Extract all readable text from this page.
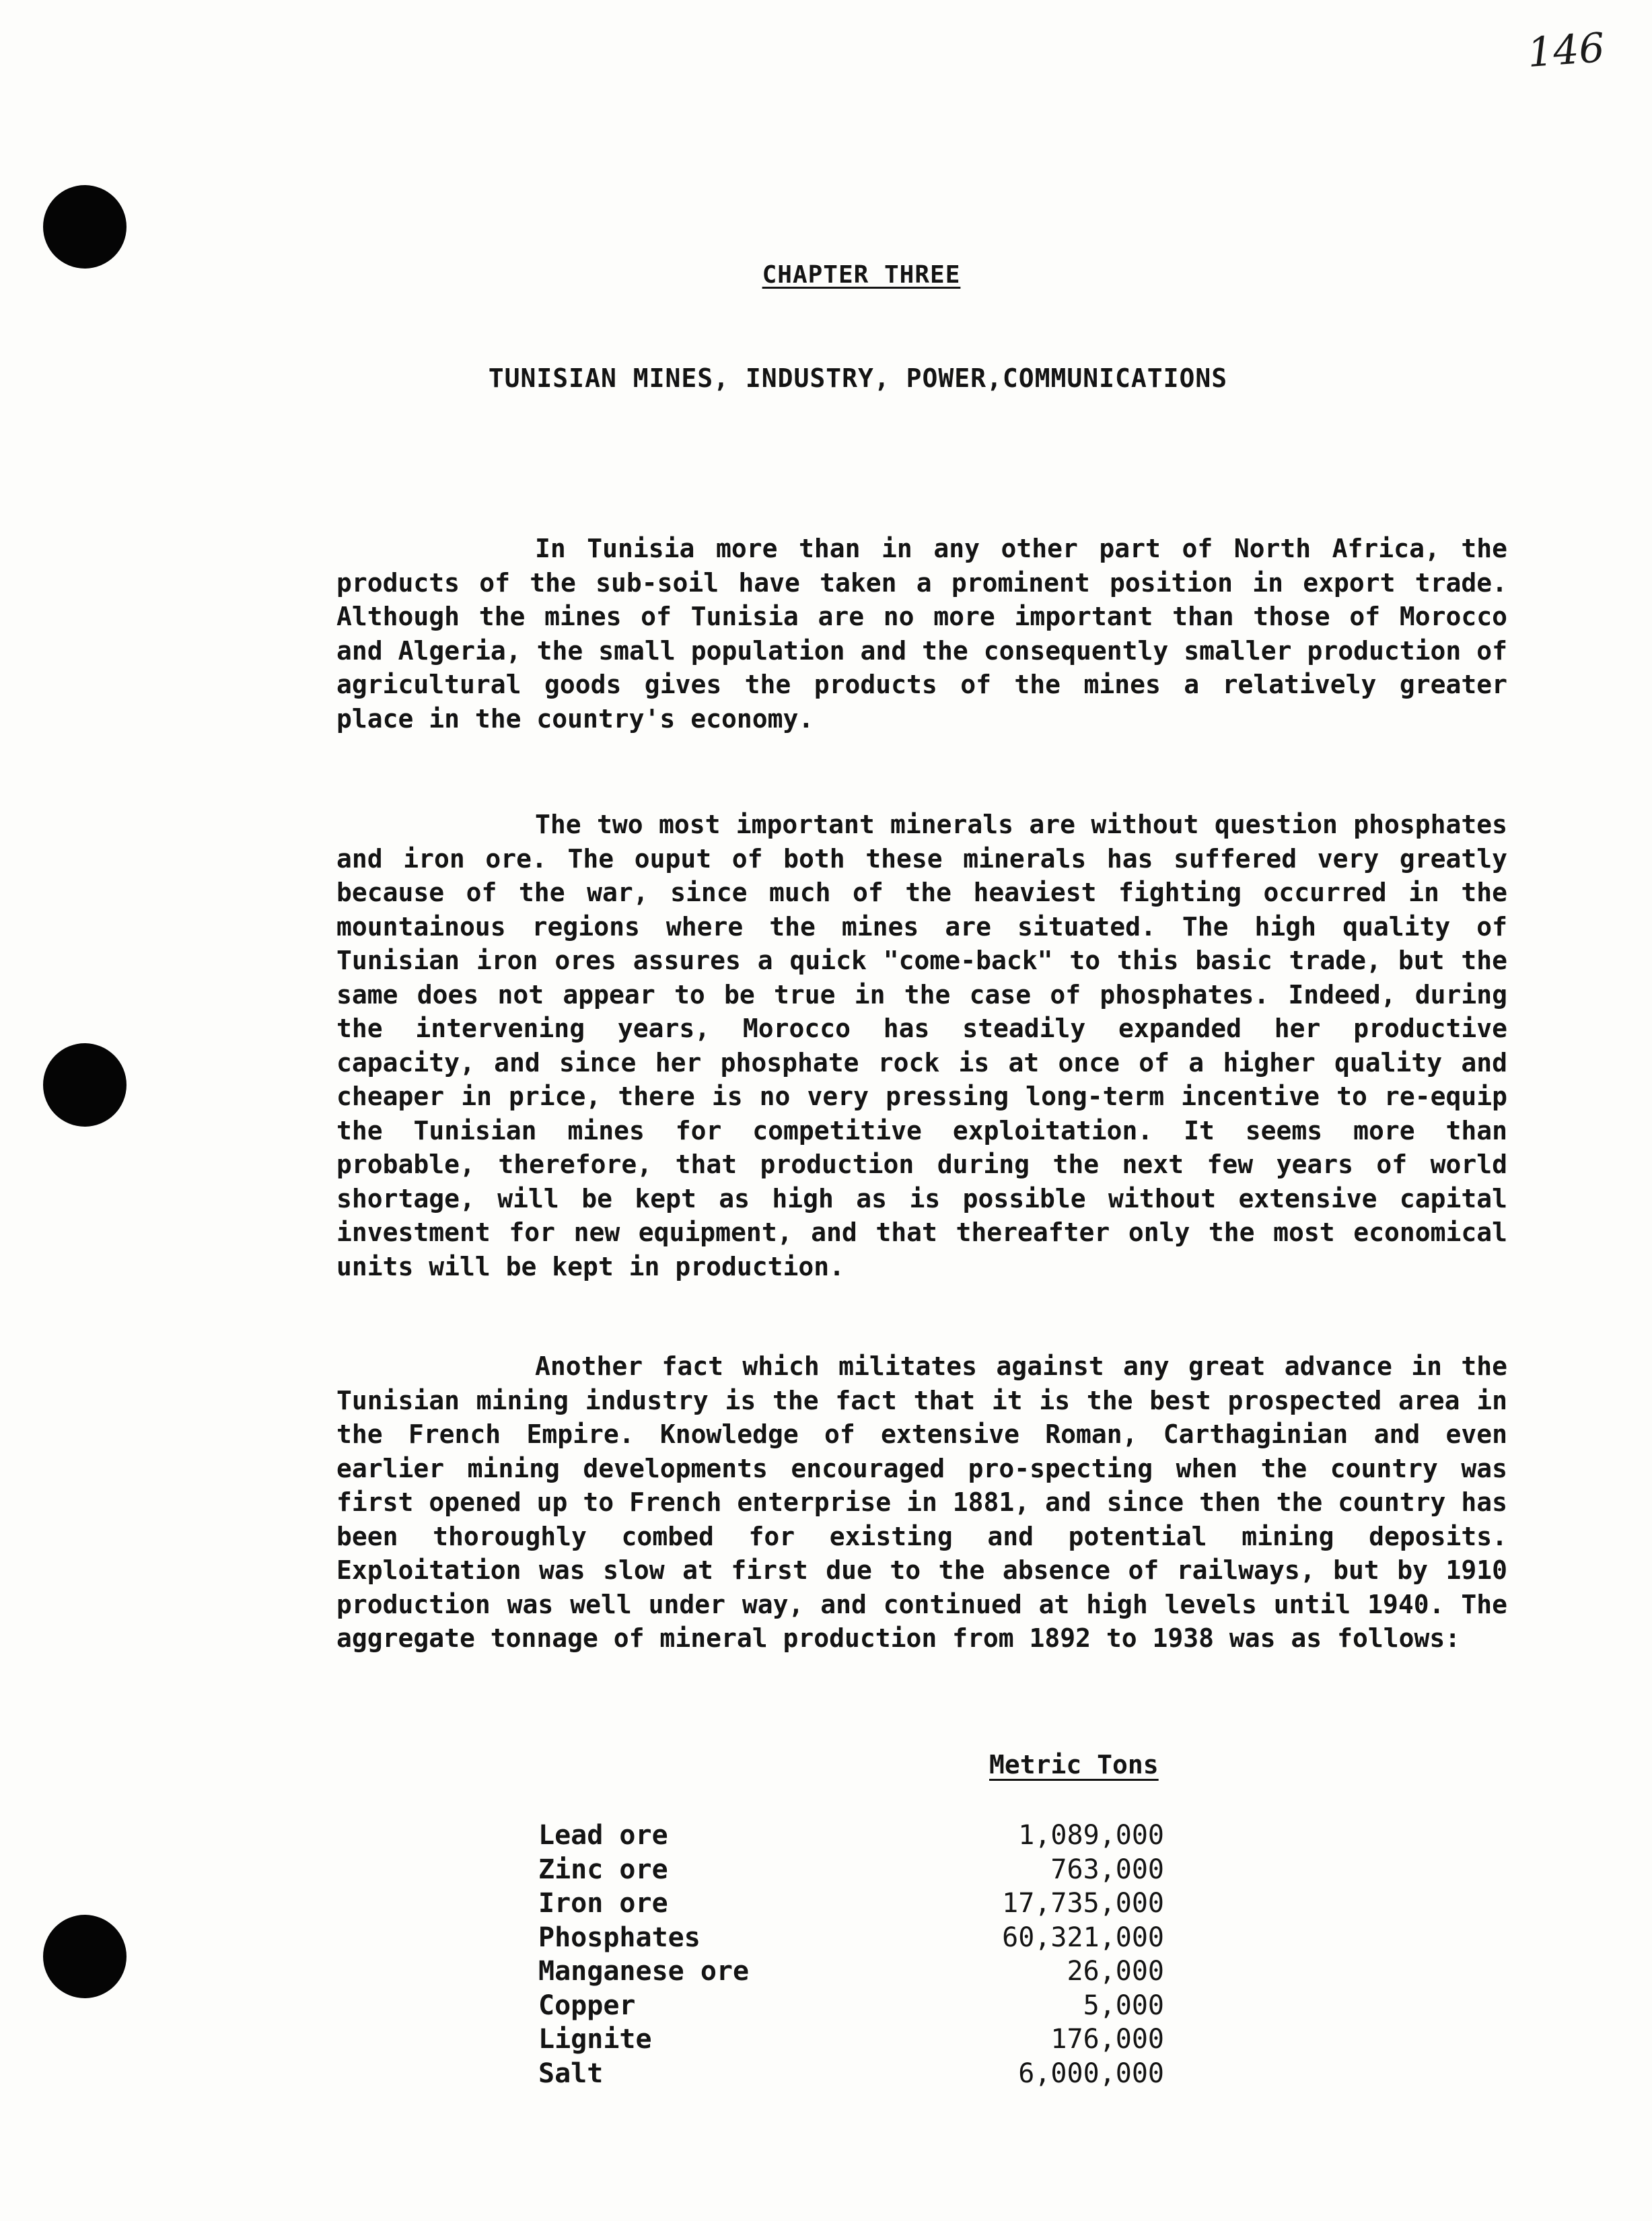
146
CHAPTER THREE
TUNISIAN MINES, INDUSTRY, POWER,COMMUNICATIONS

In Tunisia more than in any other part of North Africa, the products of the sub-soil have taken a prominent position in export trade. Although the mines of Tunisia are no more important than those of Morocco and Algeria, the small population and the consequently smaller production of agricultural goods gives the products of the mines a relatively greater place in the country's economy.

The two most important minerals are without question phosphates and iron ore. The ouput of both these minerals has suffered very greatly because of the war, since much of the heaviest fighting occurred in the mountainous regions where the mines are situated. The high quality of Tunisian iron ores assures a quick "come-back" to this basic trade, but the same does not appear to be true in the case of phosphates. Indeed, during the intervening years, Morocco has steadily expanded her productive capacity, and since her phosphate rock is at once of a higher quality and cheaper in price, there is no very pressing long-term incentive to re-equip the Tunisian mines for competitive exploitation. It seems more than probable, therefore, that production during the next few years of world shortage, will be kept as high as is possible without extensive capital investment for new equipment, and that thereafter only the most economical units will be kept in production.

Another fact which militates against any great advance in the Tunisian mining industry is the fact that it is the best prospected area in the French Empire. Knowledge of extensive Roman, Carthaginian and even earlier mining developments encouraged pro-specting when the country was first opened up to French enterprise in 1881, and since then the country has been thoroughly combed for existing and potential mining deposits. Exploitation was slow at first due to the absence of railways, but by 1910 production was well under way, and continued at high levels until 1940. The aggregate tonnage of mineral production from 1892 to 1938 was as follows:

Metric Tons
Lead ore	1,089,000
Zinc ore	763,000
Iron ore	17,735,000
Phosphates	60,321,000
Manganese ore	26,000
Copper	5,000
Lignite	176,000
Salt	6,000,000
